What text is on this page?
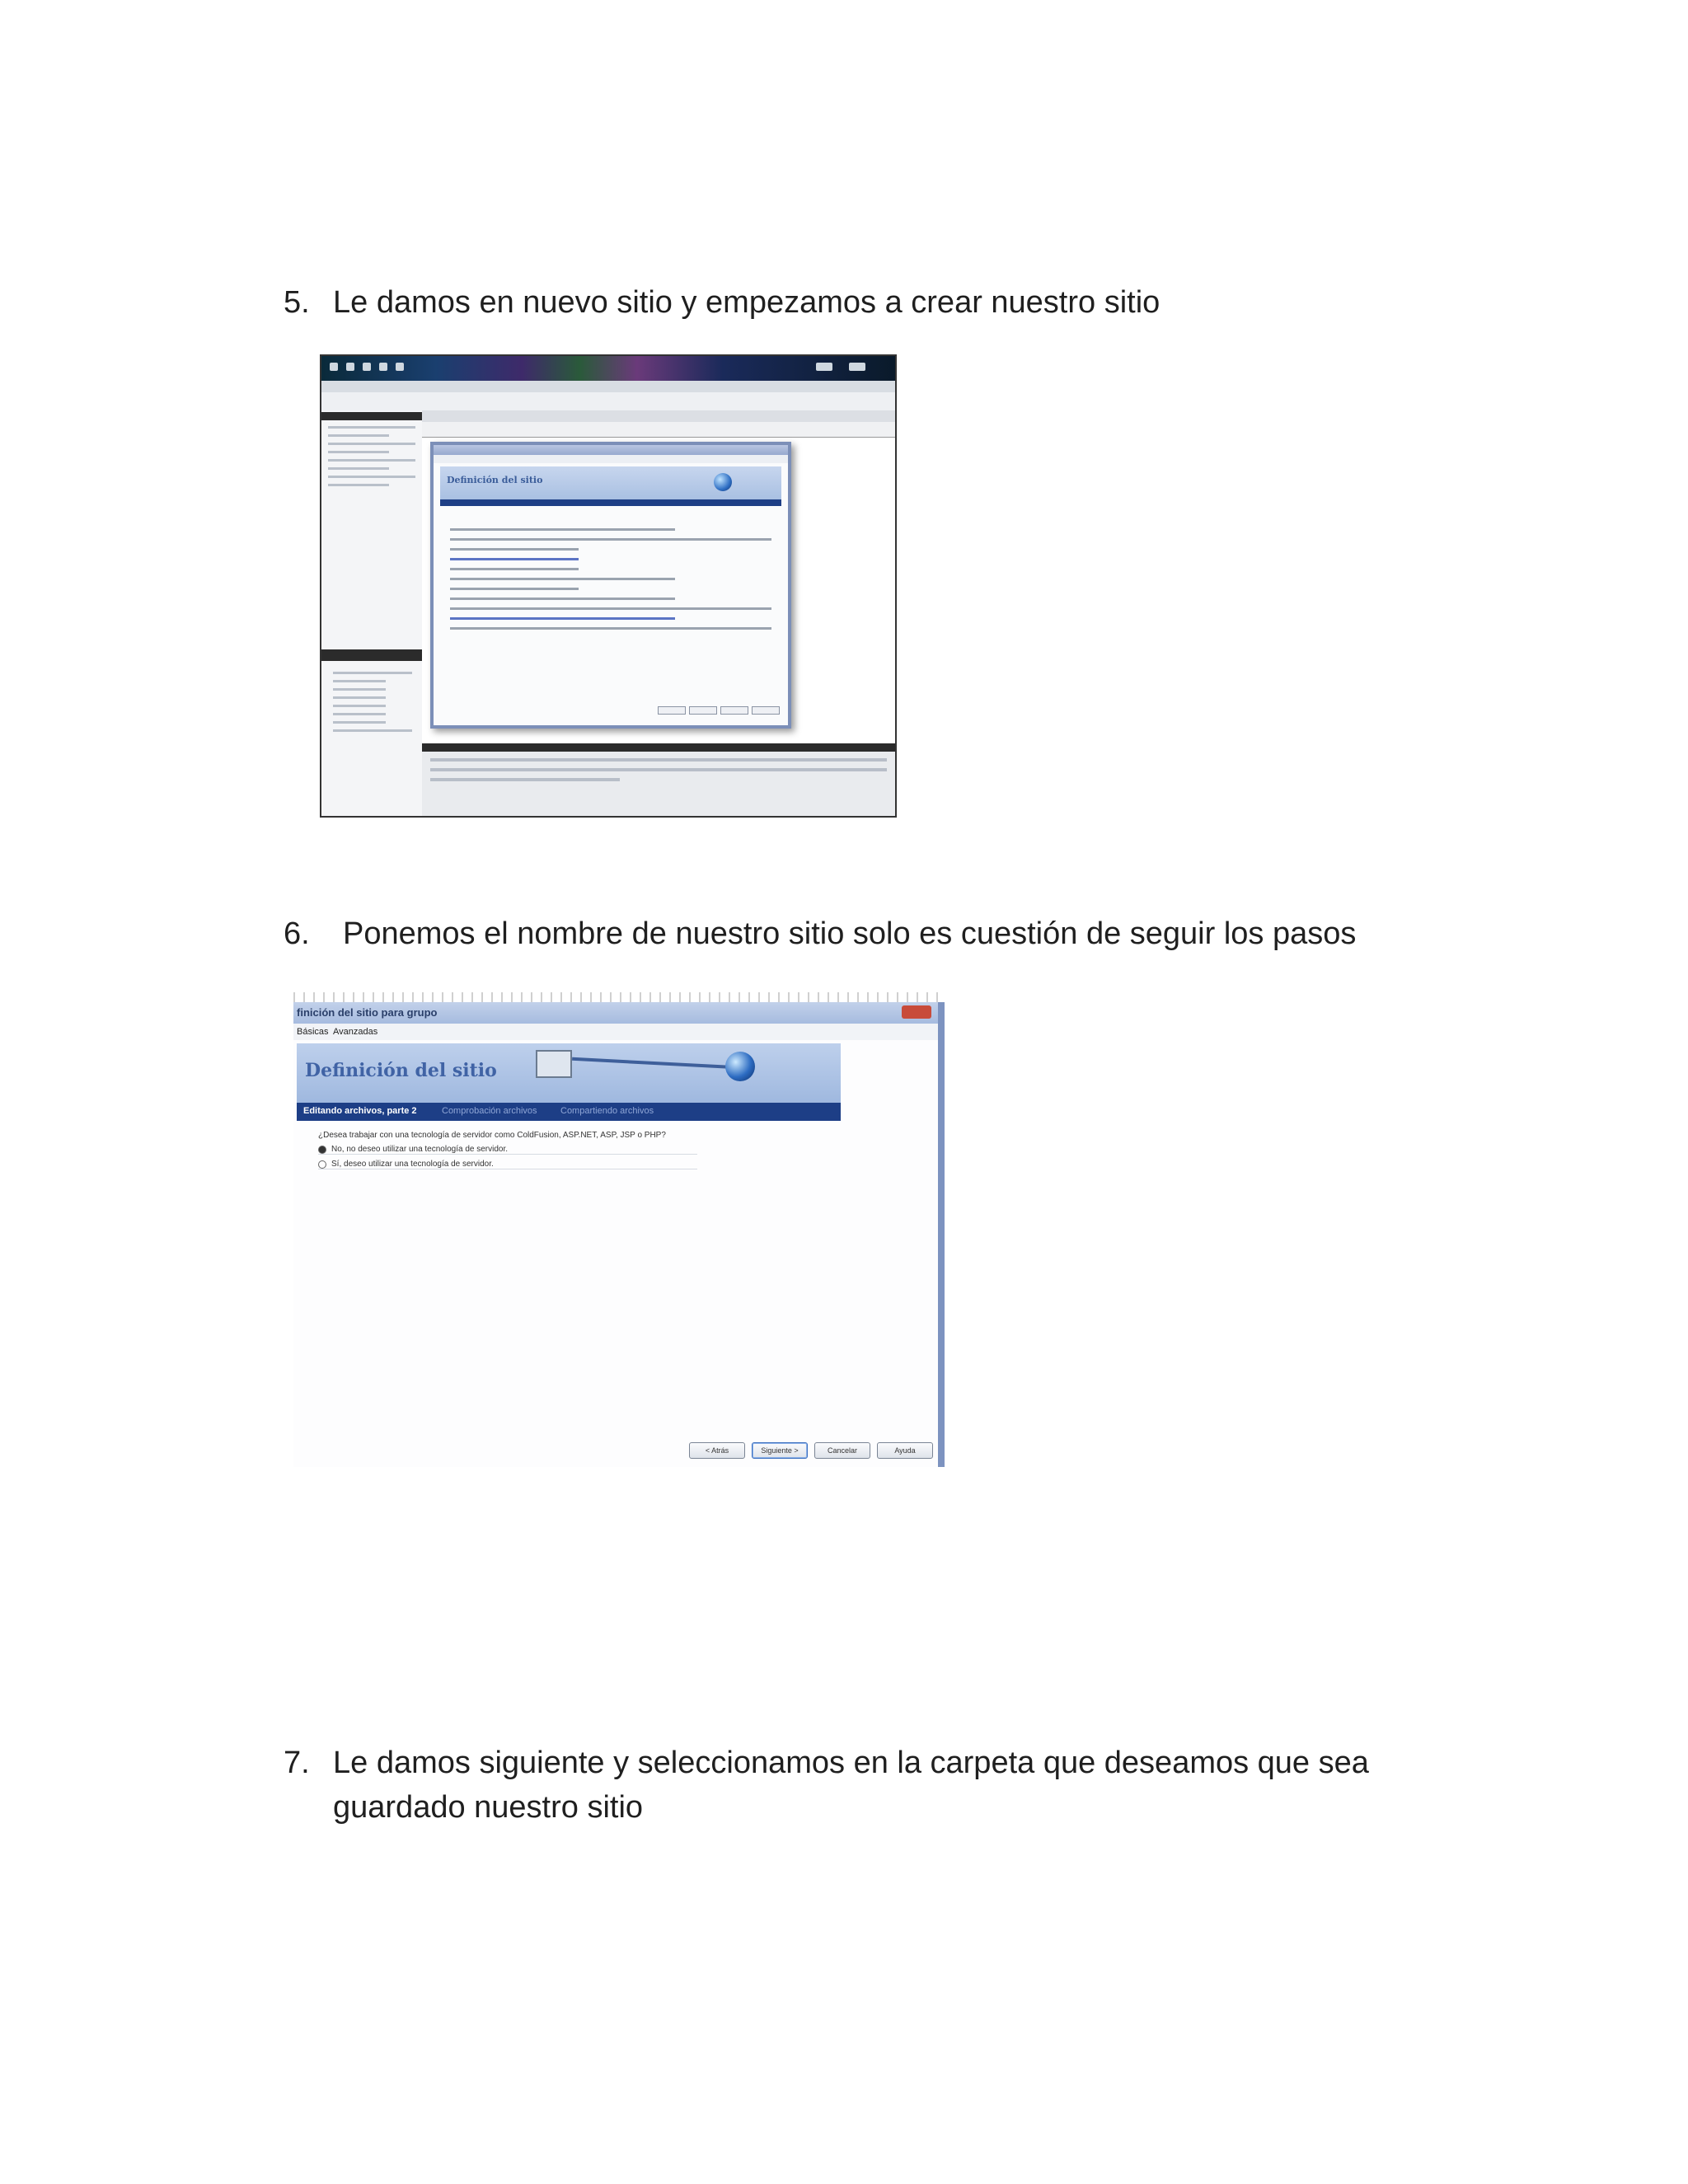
5. Le damos en nuevo sitio y empezamos a crear nuestro sitio
Definición del sitio
6. Ponemos el nombre de nuestro sitio solo es cuestión de seguir los pasos
finición del sitio para grupo
Básicas Avanzadas
Definición del sitio
Editando archivos, parte 2	Comprobación archivos	Compartiendo archivos
¿Desea trabajar con una tecnología de servidor como ColdFusion, ASP.NET, ASP, JSP o PHP?
No, no deseo utilizar una tecnología de servidor.
Sí, deseo utilizar una tecnología de servidor.
< Atrás	Siguiente >	Cancelar	Ayuda
7. Le damos siguiente y seleccionamos en la carpeta que deseamos que sea
guardado nuestro sitio
